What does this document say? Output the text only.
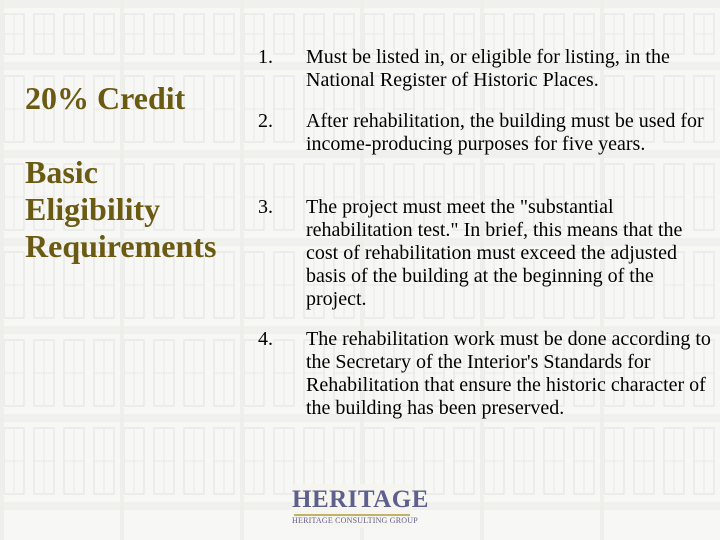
20% Credit
Basic
Eligibility
Requirements
1.	Must be listed in, or eligible for listing, in the National Register of Historic Places.
2.	After rehabilitation, the building must be used for income-producing purposes for five years.
3.	The project must meet the "substantial rehabilitation test." In brief, this means that the cost of rehabilitation must exceed the adjusted basis of the building at the beginning of the project.
4.	The rehabilitation work must be done according to the Secretary of the Interior's Standards for Rehabilitation that ensure the historic character of the building has been preserved.
HERITAGE
HERITAGE CONSULTING GROUP
